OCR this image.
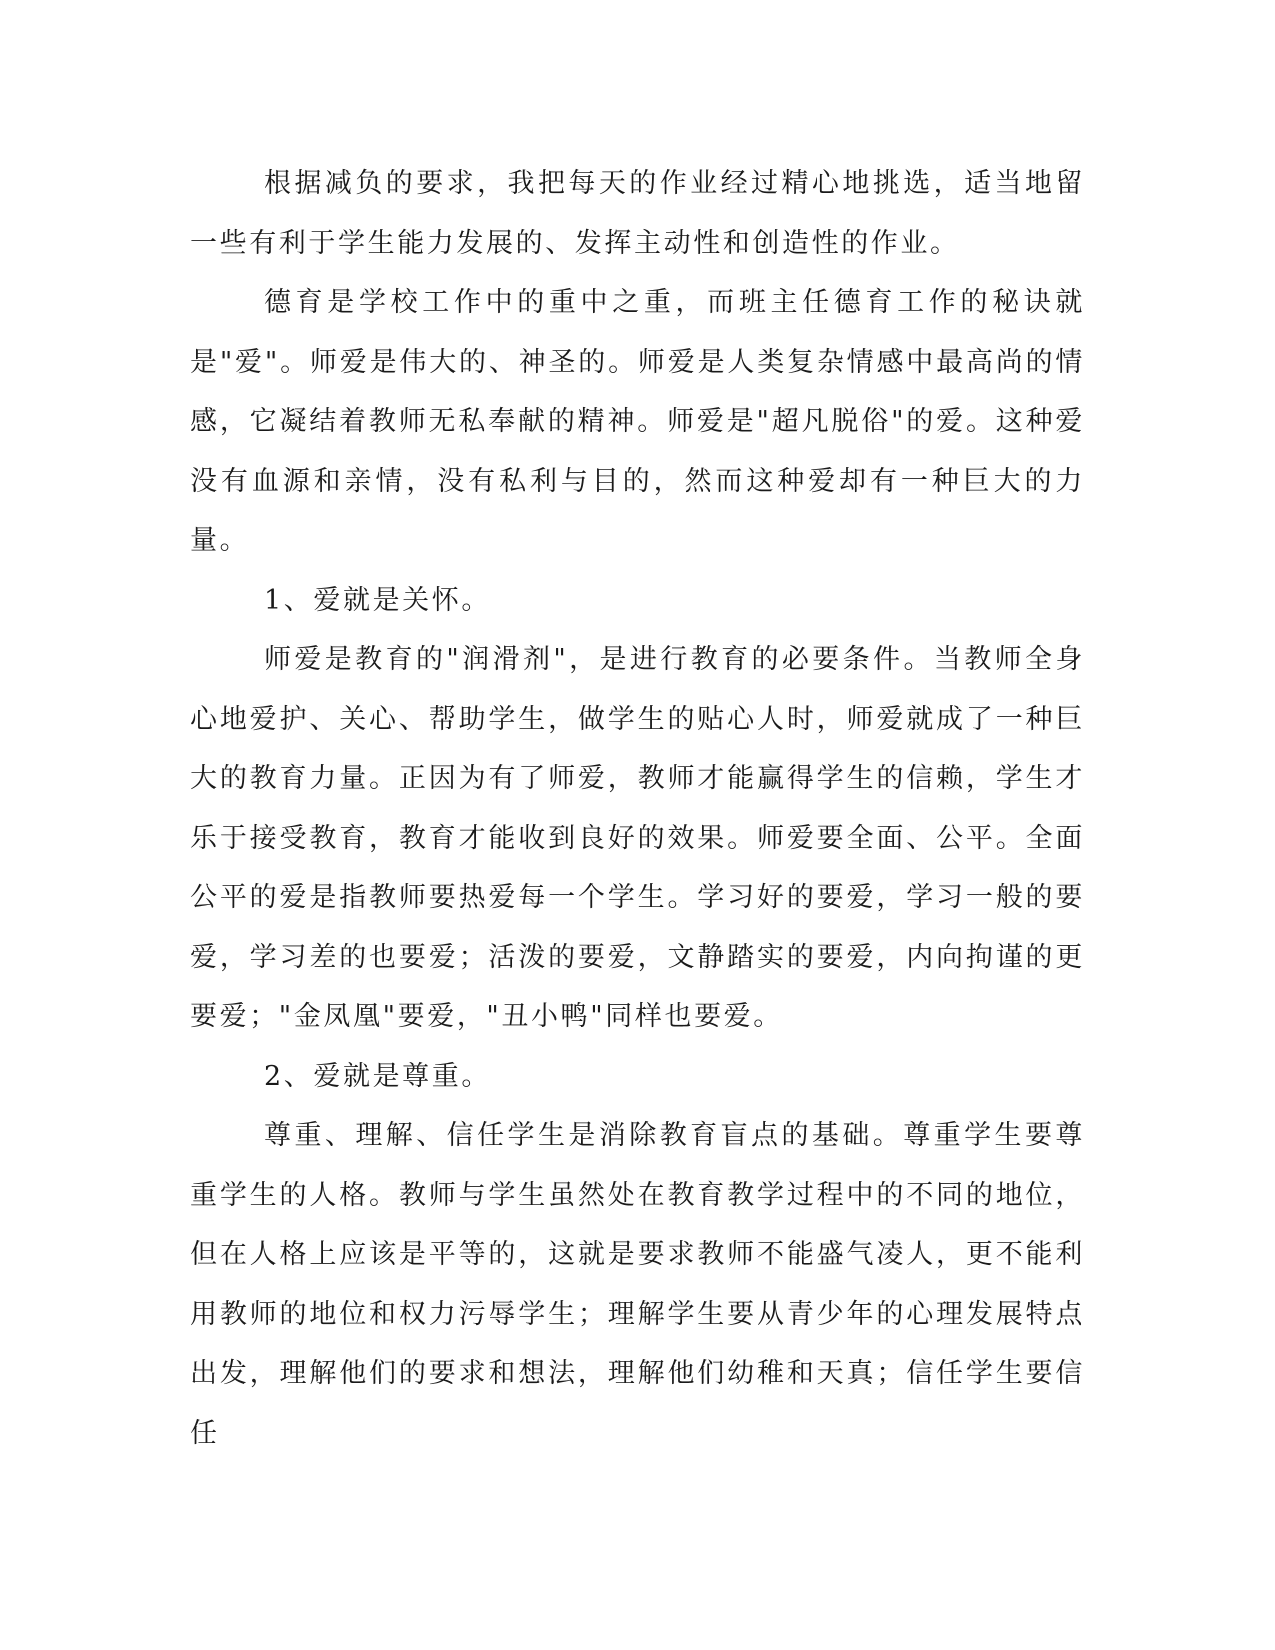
根据减负的要求，我把每天的作业经过精心地挑选，适当地留一些有利于学生能力发展的、发挥主动性和创造性的作业。

德育是学校工作中的重中之重，而班主任德育工作的秘诀就是"爱"。师爱是伟大的、神圣的。师爱是人类复杂情感中最高尚的情感，它凝结着教师无私奉献的精神。师爱是"超凡脱俗"的爱。这种爱没有血源和亲情，没有私利与目的，然而这种爱却有一种巨大的力量。

1、爱就是关怀。

师爱是教育的"润滑剂"，是进行教育的必要条件。当教师全身心地爱护、关心、帮助学生，做学生的贴心人时，师爱就成了一种巨大的教育力量。正因为有了师爱，教师才能赢得学生的信赖，学生才乐于接受教育，教育才能收到良好的效果。师爱要全面、公平。全面公平的爱是指教师要热爱每一个学生。学习好的要爱，学习一般的要爱，学习差的也要爱；活泼的要爱，文静踏实的要爱，内向拘谨的更要爱；"金凤凰"要爱，"丑小鸭"同样也要爱。

2、爱就是尊重。

尊重、理解、信任学生是消除教育盲点的基础。尊重学生要尊重学生的人格。教师与学生虽然处在教育教学过程中的不同的地位，但在人格上应该是平等的，这就是要求教师不能盛气凌人，更不能利用教师的地位和权力污辱学生；理解学生要从青少年的心理发展特点出发，理解他们的要求和想法，理解他们幼稚和天真；信任学生要信任
